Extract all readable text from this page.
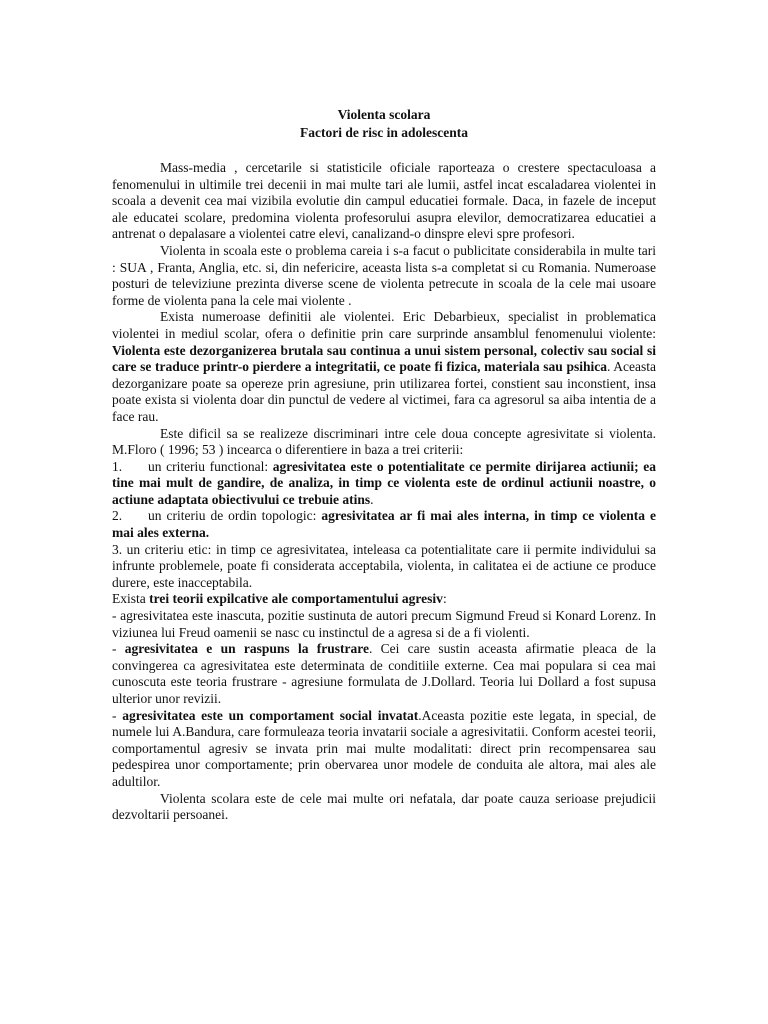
Violenta scolara

Factori de risc in adolescenta

Mass-media , cercetarile si statisticile oficiale raporteaza o crestere spectaculoasa a fenomenului in ultimile trei decenii in mai multe tari ale lumii, astfel incat escaladarea violentei in scoala a devenit cea mai vizibila evolutie din campul educatiei formale. Daca, in fazele de inceput ale educatei scolare, predomina violenta profesorului asupra elevilor, democratizarea educatiei a antrenat o depalasare a violentei catre elevi, canalizand-o dinspre elevi spre profesori.

Violenta in scoala este o problema careia i s-a facut o publicitate considerabila in multe tari : SUA , Franta, Anglia, etc. si, din nefericire, aceasta lista s-a completat si cu Romania. Numeroase posturi de televiziune prezinta diverse scene de violenta petrecute in scoala de la cele mai usoare forme de violenta pana la cele mai violente .

Exista numeroase definitii ale violentei. Eric Debarbieux, specialist in problematica violentei in mediul scolar, ofera o definitie prin care surprinde ansamblul fenomenului violente: Violenta este dezorganizerea brutala sau continua a unui sistem personal, colectiv sau social si care se traduce printr-o pierdere a integritatii, ce poate fi fizica, materiala sau psihica. Aceasta dezorganizare poate sa opereze prin agresiune, prin utilizarea fortei, constient sau inconstient, insa poate exista si violenta doar din punctul de vedere al victimei, fara ca agresorul sa aiba intentia de a face rau.

Este dificil sa se realizeze discriminari intre cele doua concepte agresivitate si violenta. M.Floro ( 1996; 53 ) incearca o diferentiere in baza a trei criterii:

1. un criteriu functional: agresivitatea este o potentialitate ce permite dirijarea actiunii; ea tine mai mult de gandire, de analiza, in timp ce violenta este de ordinul actiunii noastre, o actiune adaptata obiectivului ce trebuie atins.

2. un criteriu de ordin topologic: agresivitatea ar fi mai ales interna, in timp ce violenta e mai ales externa.

3. un criteriu etic: in timp ce agresivitatea, inteleasa ca potentialitate care ii permite individului sa infrunte problemele, poate fi considerata acceptabila, violenta, in calitatea ei de actiune ce produce durere, este inacceptabila.

Exista trei teorii expilcative ale comportamentului agresiv:

- agresivitatea este inascuta, pozitie sustinuta de autori precum Sigmund Freud si Konard Lorenz. In viziunea lui Freud oamenii se nasc cu instinctul de a agresa si de a fi violenti.

- agresivitatea e un raspuns la frustrare. Cei care sustin aceasta afirmatie pleaca de la convingerea ca agresivitatea este determinata de conditiile externe. Cea mai populara si cea mai cunoscuta este teoria frustrare - agresiune formulata de J.Dollard. Teoria lui Dollard a fost supusa ulterior unor revizii.

- agresivitatea este un comportament social invatat.Aceasta pozitie este legata, in special, de numele lui A.Bandura, care formuleaza teoria invatarii sociale a agresivitatii. Conform acestei teorii, comportamentul agresiv se invata prin mai multe modalitati: direct prin recompensarea sau pedespirea unor comportamente; prin obervarea unor modele de conduita ale altora, mai ales ale adultilor.

Violenta scolara este de cele mai multe ori nefatala, dar poate cauza serioase prejudicii dezvoltarii persoanei.
